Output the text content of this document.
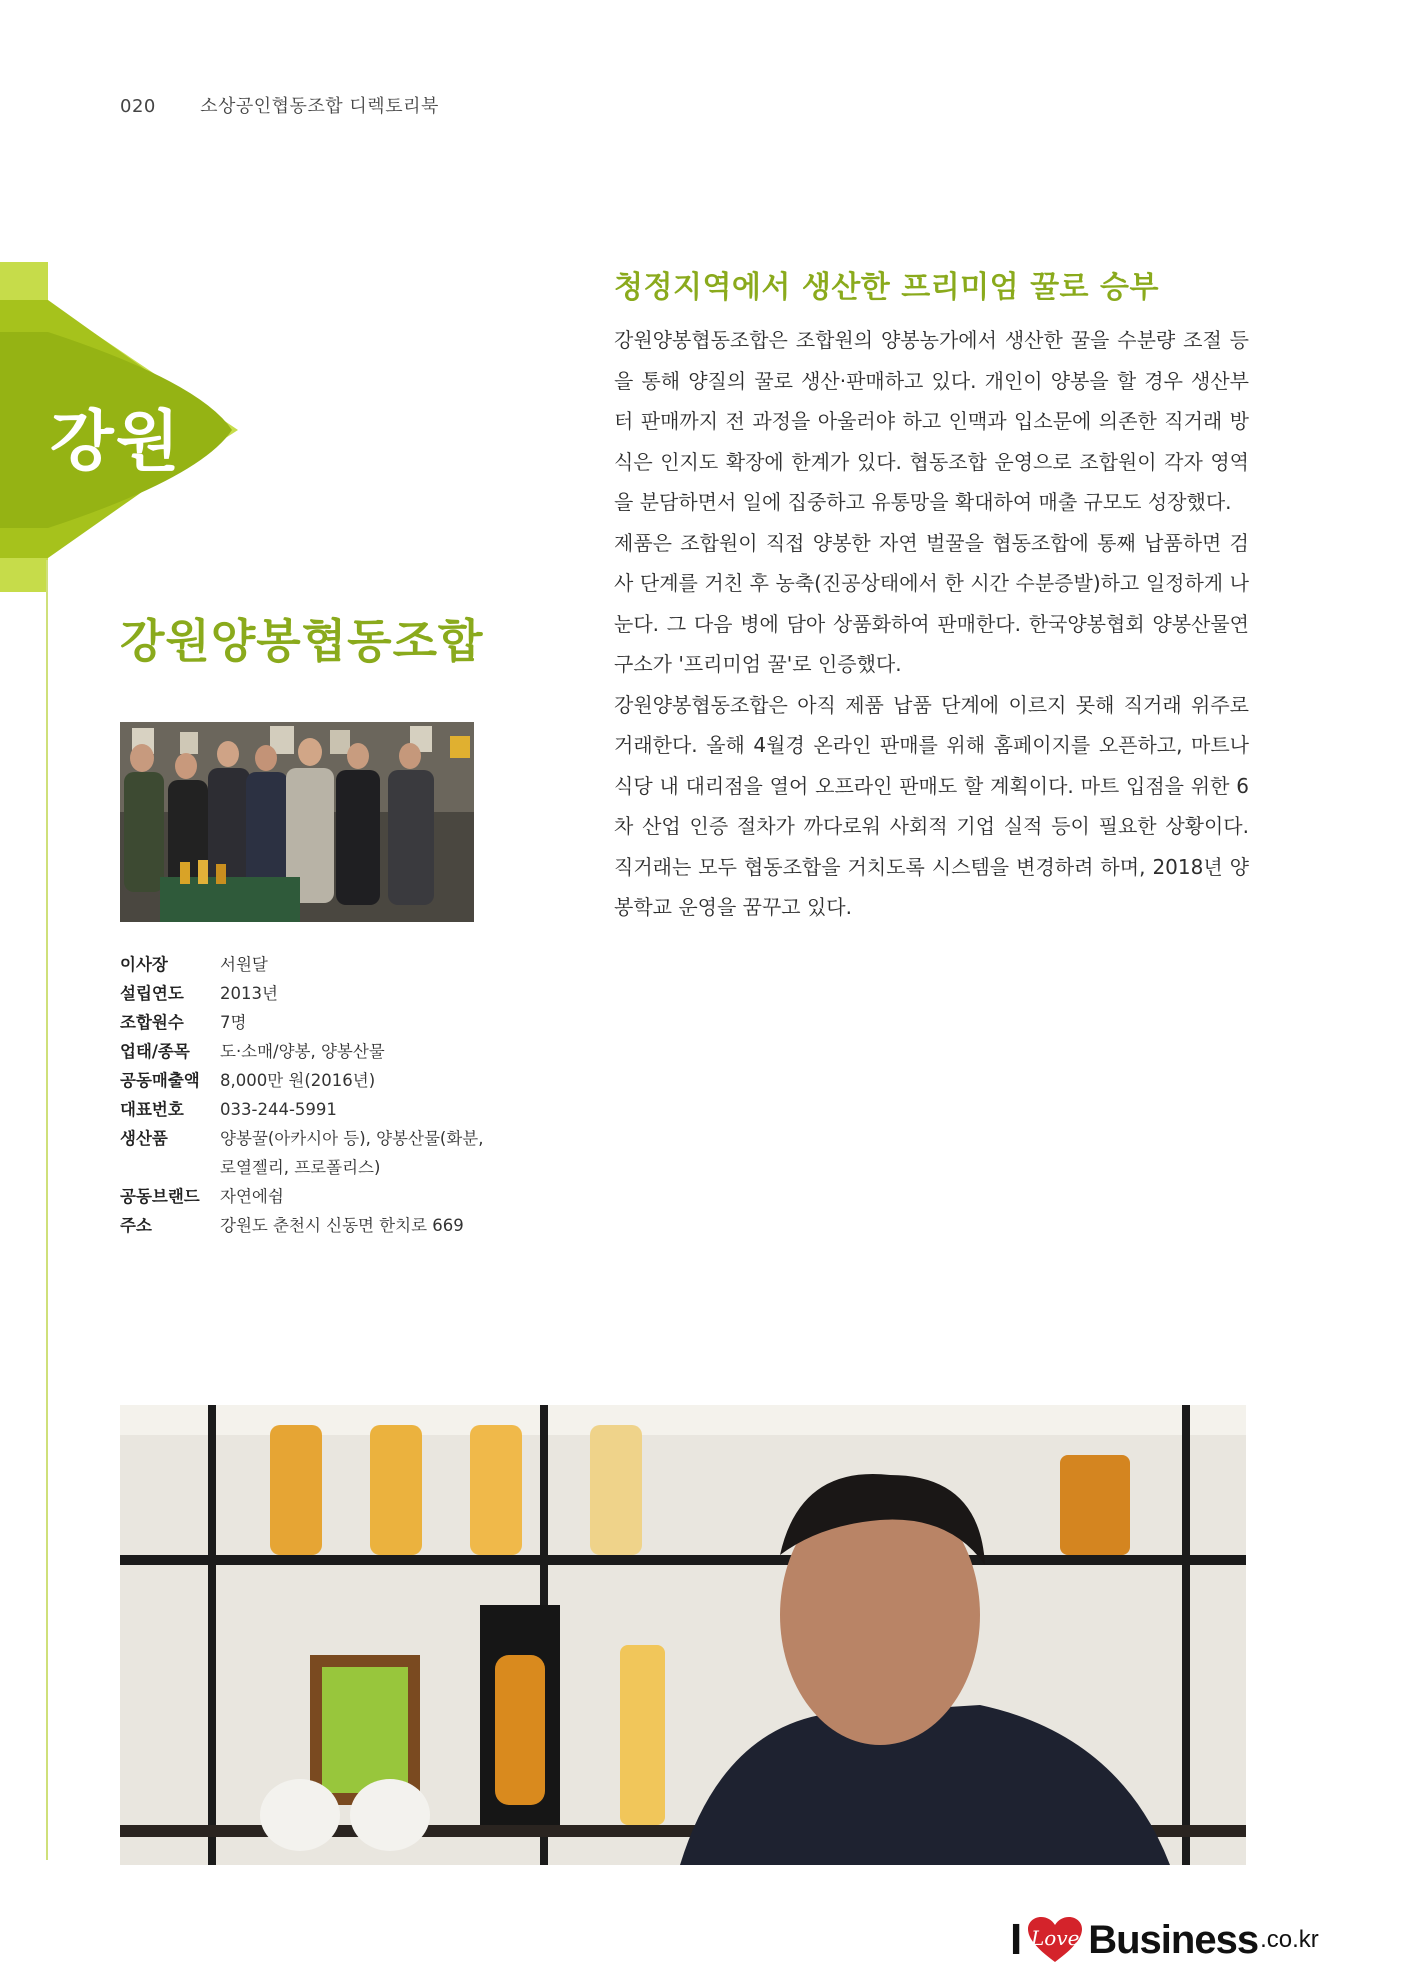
020 소상공인협동조합 디렉토리북
강원
강원양봉협동조합
이사장	서원달
설립연도	2013년
조합원수	7명
업태/종목	도·소매/양봉, 양봉산물
공동매출액	8,000만 원(2016년)
대표번호	033-244-5991
생산품	양봉꿀(아카시아 등), 양봉산물(화분, 로열젤리, 프로폴리스)
공동브랜드	자연에쉼
주소	강원도 춘천시 신동면 한치로 669
청정지역에서 생산한 프리미엄 꿀로 승부

강원양봉협동조합은 조합원의 양봉농가에서 생산한 꿀을 수분량 조절 등을 통해 양질의 꿀로 생산·판매하고 있다. 개인이 양봉을 할 경우 생산부터 판매까지 전 과정을 아울러야 하고 인맥과 입소문에 의존한 직거래 방식은 인지도 확장에 한계가 있다. 협동조합 운영으로 조합원이 각자 영역을 분담하면서 일에 집중하고 유통망을 확대하여 매출 규모도 성장했다.

제품은 조합원이 직접 양봉한 자연 벌꿀을 협동조합에 통째 납품하면 검사 단계를 거친 후 농축(진공상태에서 한 시간 수분증발)하고 일정하게 나눈다. 그 다음 병에 담아 상품화하여 판매한다. 한국양봉협회 양봉산물연구소가 '프리미엄 꿀'로 인증했다.

강원양봉협동조합은 아직 제품 납품 단계에 이르지 못해 직거래 위주로 거래한다. 올해 4월경 온라인 판매를 위해 홈페이지를 오픈하고, 마트나 식당 내 대리점을 열어 오프라인 판매도 할 계획이다. 마트 입점을 위한 6차 산업 인증 절차가 까다로워 사회적 기업 실적 등이 필요한 상황이다. 직거래는 모두 협동조합을 거치도록 시스템을 변경하려 하며, 2018년 양봉학교 운영을 꿈꾸고 있다.

I Love Business .co.kr
